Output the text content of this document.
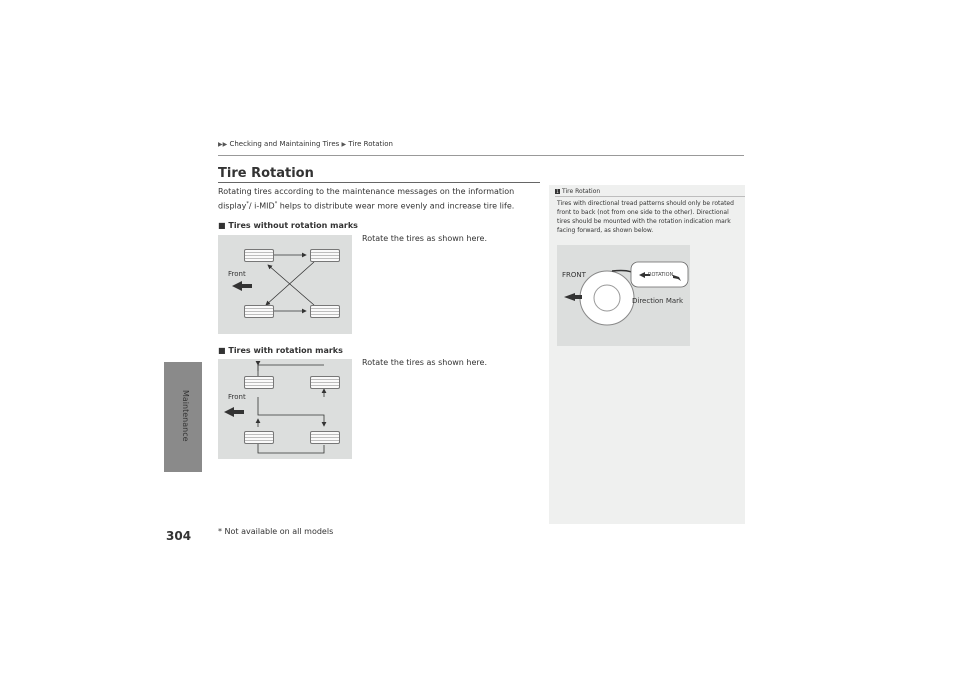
▶▶ Checking and Maintaining Tires ▶ Tire Rotation
Maintenance
304	* Not available on all models
Tire Rotation
Rotating tires according to the maintenance messages on the information display*/ i-MID* helps to distribute wear more evenly and increase tire life.
■ Tires without rotation marks
Rotate the tires as shown here.
Front
■ Tires with rotation marks
Rotate the tires as shown here.
Front
1 Tire Rotation
Tires with directional tread patterns should only be rotated front to back (not from one side to the other). Directional tires should be mounted with the rotation indication mark facing forward, as shown below.
FRONT	ROTATION
Direction Mark
